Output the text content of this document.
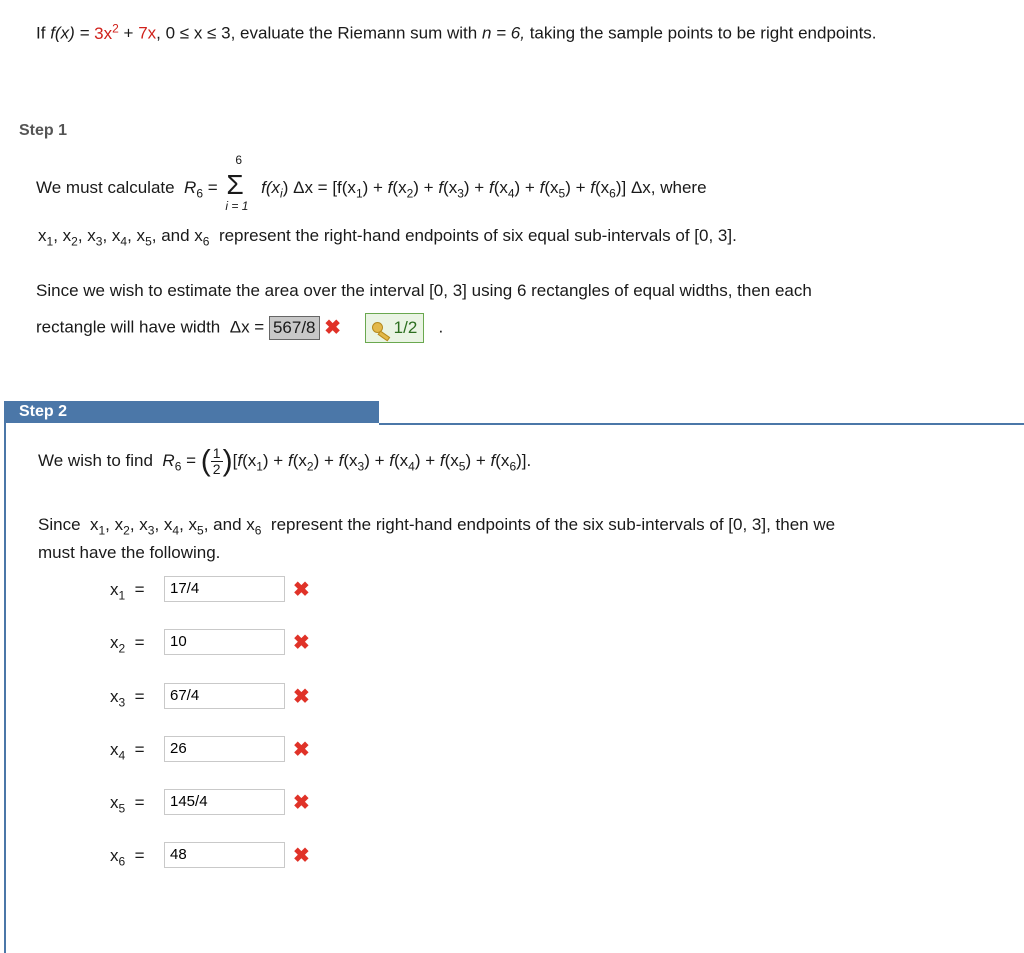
If $f(x) = 3x^2 + 7x$, 0 ≤ x ≤ 3, evaluate the Riemann sum with n = 6, taking the sample points to be right endpoints.
Step 1
We must calculate $R_6$ =
6
Σ
i = 1
$f(x_i) \Delta x = [f(x_1) + f(x_2) + f(x_3) + f(x_4) + f(x_5) + f(x_6)]$ Δx, where
$x_1$, $x_2$, $x_3$, $x_4$, $x_5$, and $x_6$ represent the right-hand endpoints of six equal sub-intervals of [0, 3].
Since we wish to estimate the area over the interval [0, 3] using 6 rectangles of equal widths, then each
rectangle will have width Δx = 567/8 ✖	1/2 .
Step 2
We wish to find $R_6$ = ( $\frac{1}{2} )[f(x_1) + f(x_2) + f(x_3) + f(x_4) + f(x_5) + f(x_6)]$.
Since  $x_1$, $x_2$, $x_3$, $x_4$, $x_5$, and $x_6$ represent the right-hand endpoints of the six sub-intervals of [0, 3], then we
must have the following.
$x_1$  =
17/4	✖
$x_2$  =
10	✖
$x_3$  =
67/4	✖
$x_4$  =
26	✖
$x_5$  =
145/4	✖
$x_6$  =
48	✖
